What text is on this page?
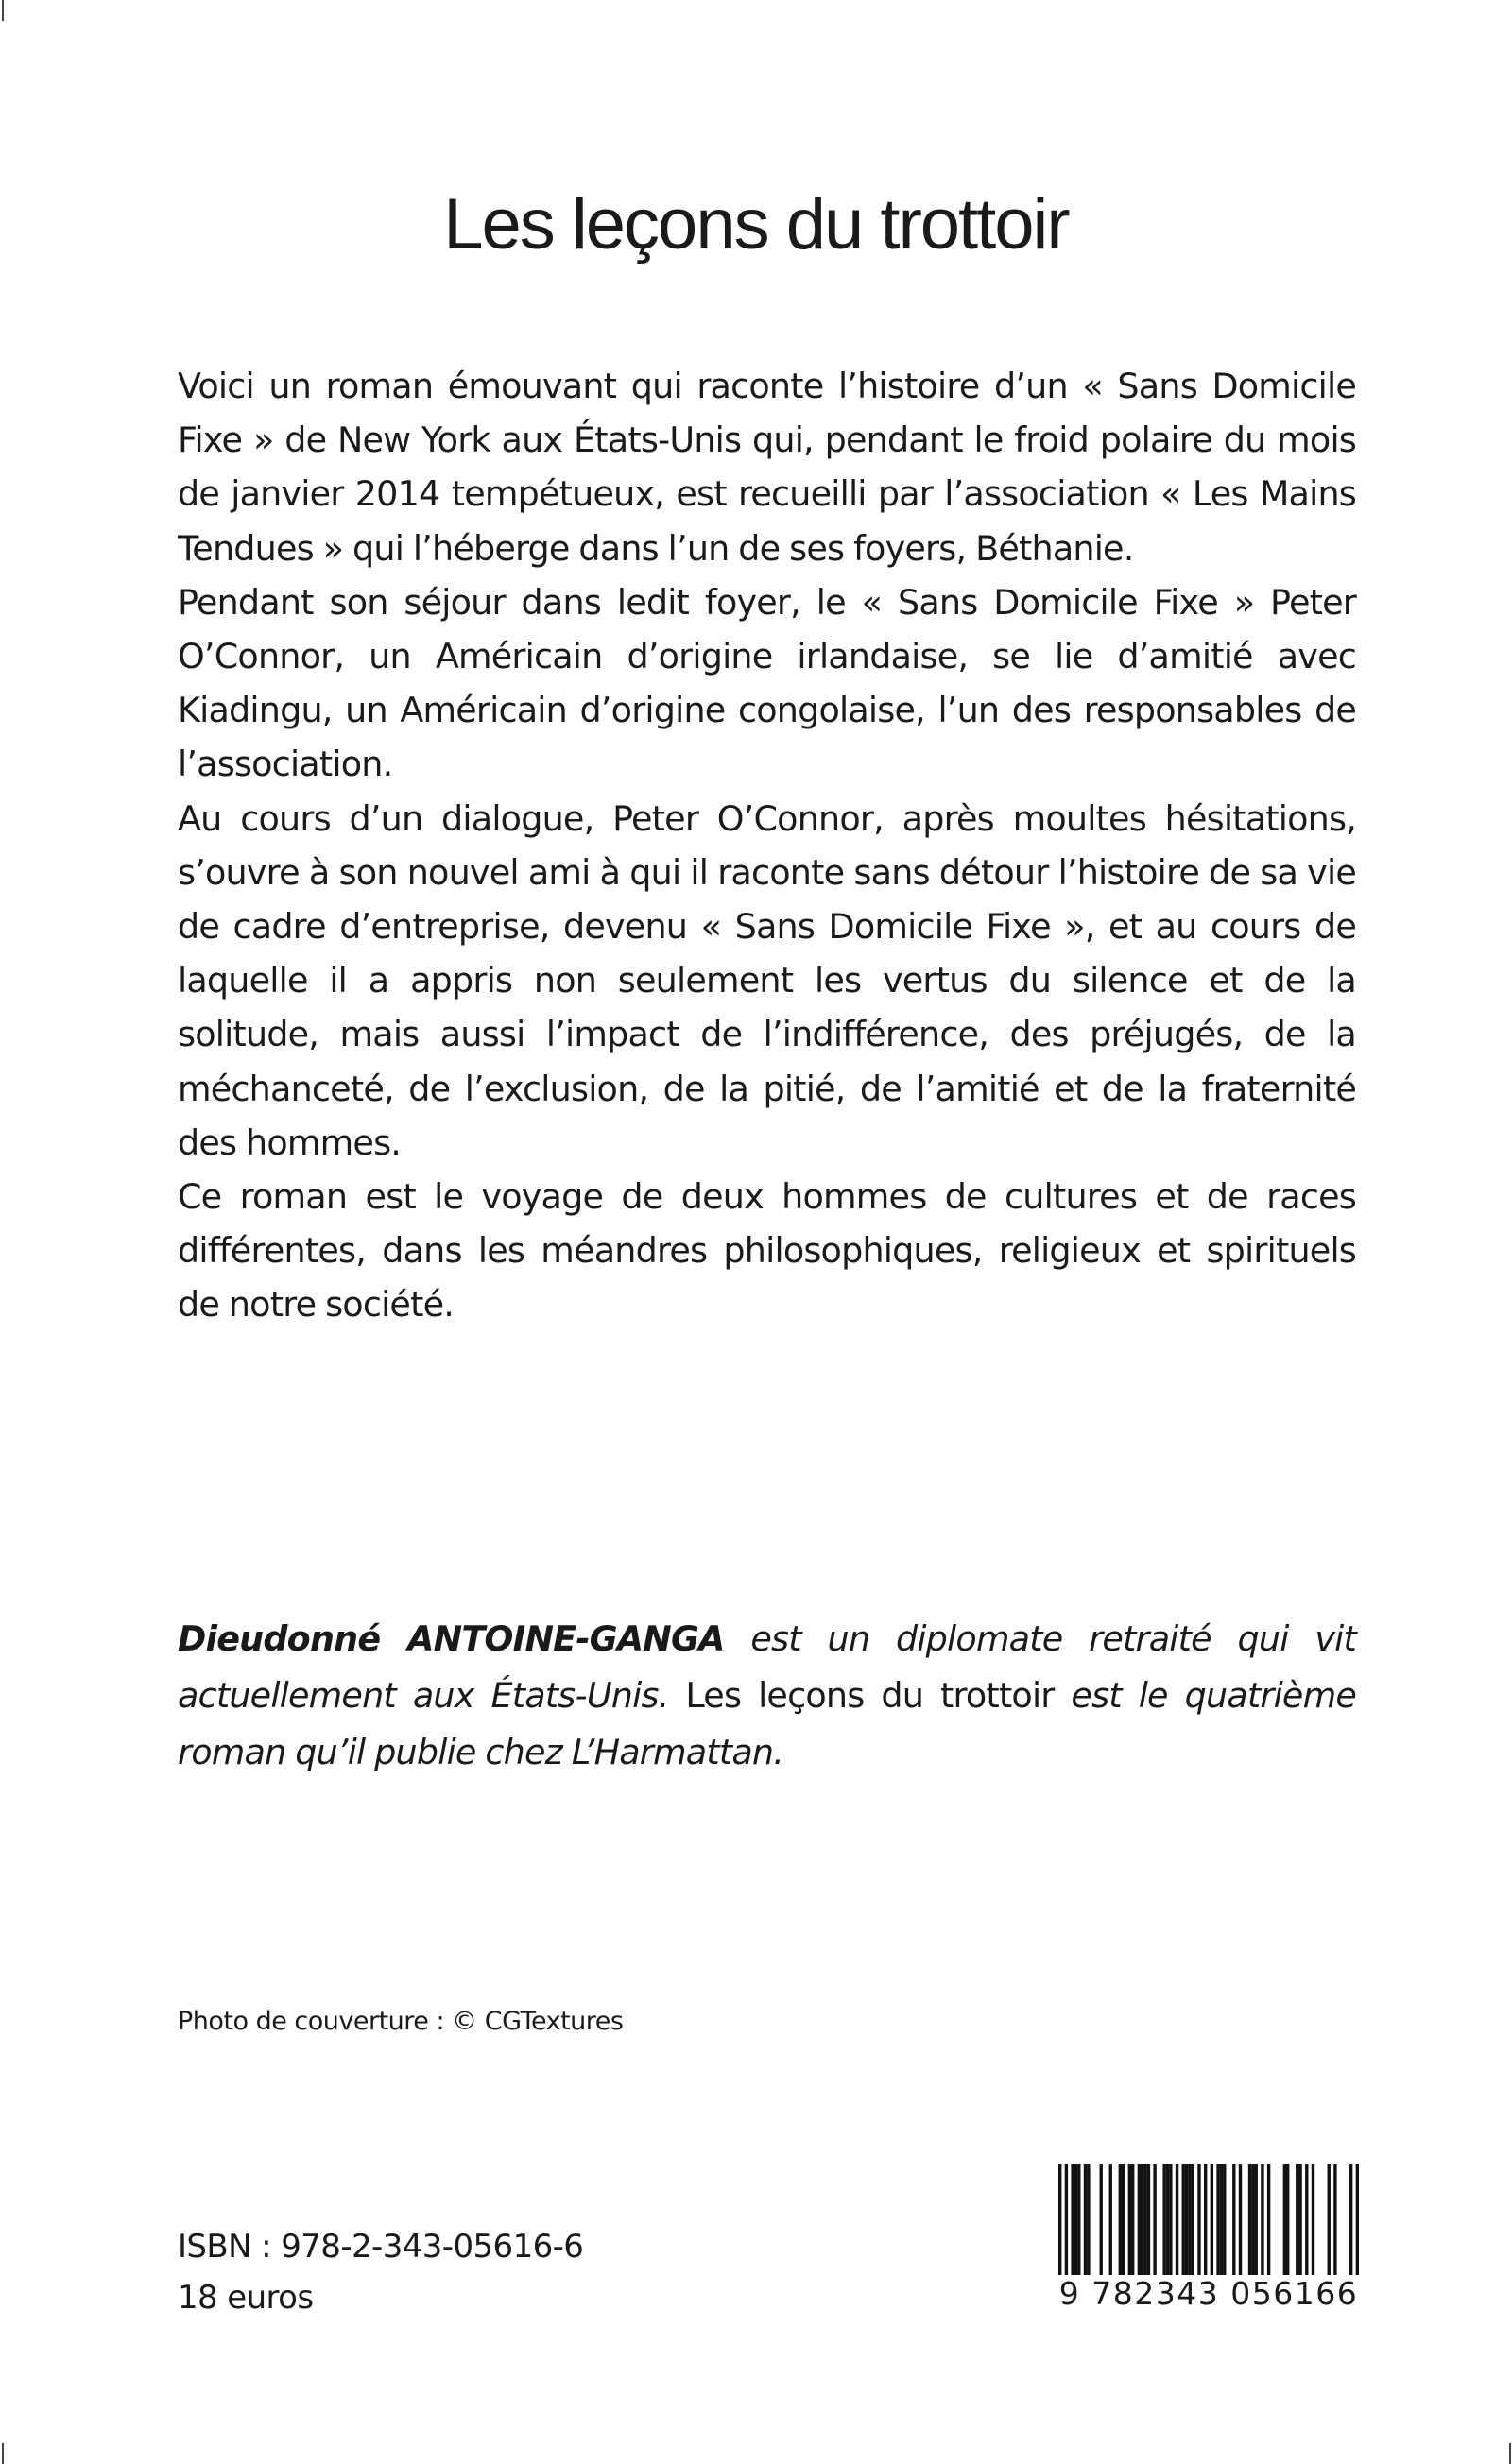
Les leçons du trottoir

Voici un roman émouvant qui raconte l’histoire d’un « Sans Domicile Fixe » de New York aux États-Unis qui, pendant le froid polaire du mois de janvier 2014 tempétueux, est recueilli par l’association « Les Mains Tendues » qui l’héberge dans l’un de ses foyers, Béthanie.

Pendant son séjour dans ledit foyer, le « Sans Domicile Fixe » Peter O’Connor, un Américain d’origine irlandaise, se lie d’amitié avec Kiadingu, un Américain d’origine congolaise, l’un des responsables de l’association.

Au cours d’un dialogue, Peter O’Connor, après moultes hésitations, s’ouvre à son nouvel ami à qui il raconte sans détour l’histoire de sa vie de cadre d’entreprise, devenu « Sans Domicile Fixe », et au cours de laquelle il a appris non seulement les vertus du silence et de la solitude, mais aussi l’impact de l’indifférence, des préjugés, de la méchanceté, de l’exclusion, de la pitié, de l’amitié et de la fraternité des hommes.

Ce roman est le voyage de deux hommes de cultures et de races différentes, dans les méandres philosophiques, religieux et spirituels de notre société.

Dieudonné ANTOINE-GANGA est un diplomate retraité qui vit actuellement aux États-Unis. Les leçons du trottoir est le quatrième roman qu’il publie chez L’Harmattan.

Photo de couverture : © CGTextures
ISBN : 978-2-343-05616-6
18 euros	9 782343 056166
